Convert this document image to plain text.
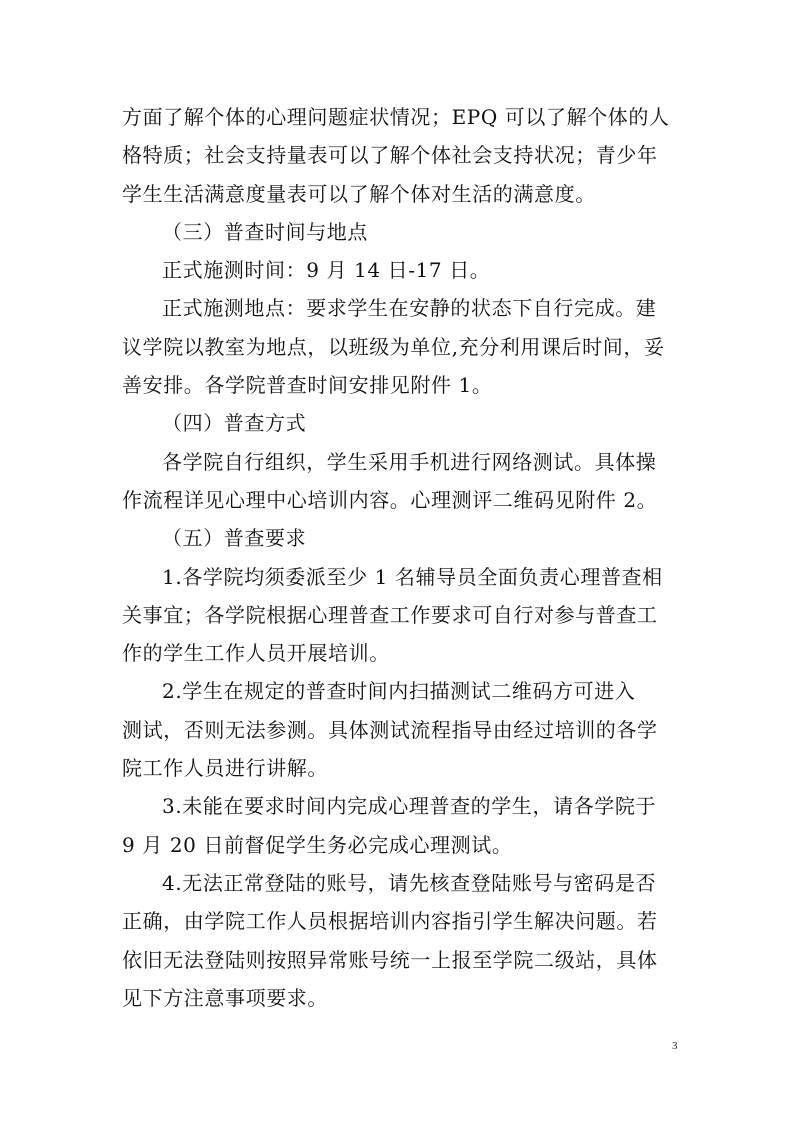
方面了解个体的心理问题症状情况；EPQ 可以了解个体的人
格特质；社会支持量表可以了解个体社会支持状况；青少年
学生生活满意度量表可以了解个体对生活的满意度。
（三）普查时间与地点
正式施测时间：9 月 14 日-17 日。
正式施测地点：要求学生在安静的状态下自行完成。建
议学院以教室为地点，以班级为单位,充分利用课后时间，妥
善安排。各学院普查时间安排见附件 1。
（四）普查方式
各学院自行组织，学生采用手机进行网络测试。具体操
作流程详见心理中心培训内容。心理测评二维码见附件 2。
（五）普查要求
1.各学院均须委派至少 1 名辅导员全面负责心理普查相
关事宜；各学院根据心理普查工作要求可自行对参与普查工
作的学生工作人员开展培训。
2.学生在规定的普查时间内扫描测试二维码方可进入
测试，否则无法参测。具体测试流程指导由经过培训的各学
院工作人员进行讲解。
3.未能在要求时间内完成心理普查的学生，请各学院于
9 月 20 日前督促学生务必完成心理测试。
4.无法正常登陆的账号，请先核查登陆账号与密码是否
正确，由学院工作人员根据培训内容指引学生解决问题。若
依旧无法登陆则按照异常账号统一上报至学院二级站，具体
见下方注意事项要求。
3
